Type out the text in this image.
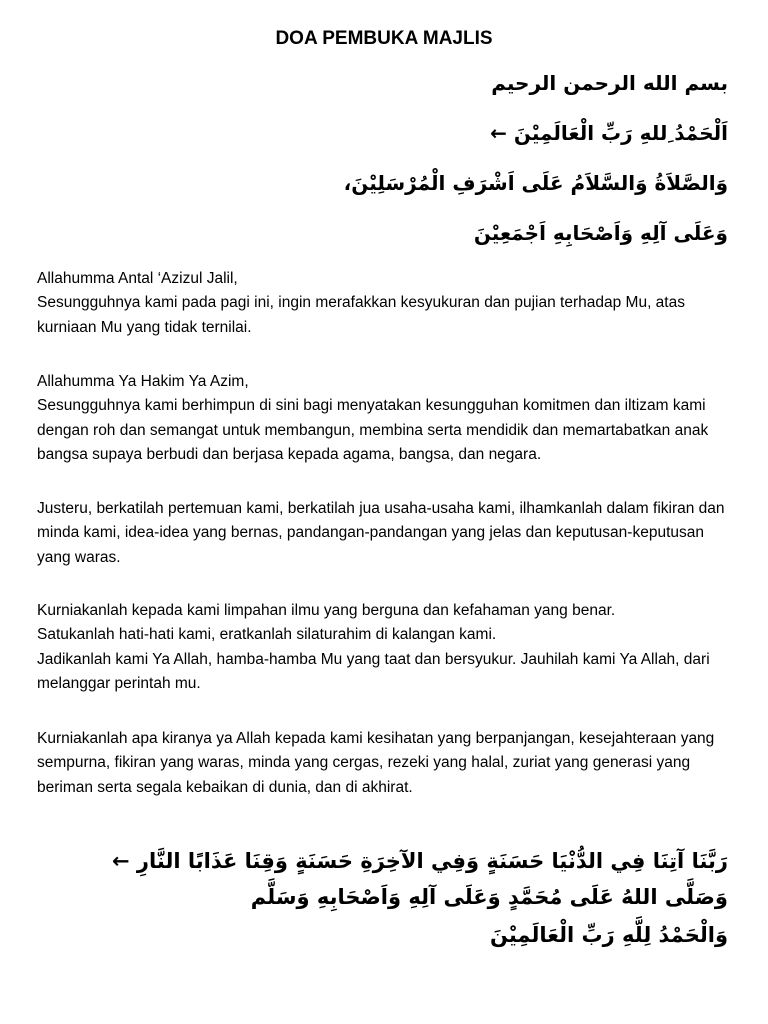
DOA PEMBUKA MAJLIS
بسم الله الرحمن الرحيم
اَلْحَمْدُ ِللهِ رَبِّ الْعَالَمِيْنَ ←
وَالصَّلاَةُ وَالسَّلاَمُ عَلَى اَشْرَفِ الْمُرْسَلِيْنَ،
وَعَلَى آلِهِ وَاَصْحَابِهِ اَجْمَعِيْنَ

Allahumma Antal ‘Azizul Jalil,
Sesungguhnya kami pada pagi ini, ingin merafakkan kesyukuran dan pujian terhadap Mu, atas kurniaan Mu yang tidak ternilai.

Allahumma Ya Hakim Ya Azim,
Sesungguhnya kami berhimpun di sini bagi menyatakan kesungguhan komitmen dan iltizam kami dengan roh dan semangat untuk membangun, membina serta mendidik dan memartabatkan anak bangsa supaya berbudi dan berjasa kepada agama, bangsa, dan negara.

Justeru, berkatilah pertemuan kami, berkatilah jua usaha-usaha kami, ilhamkanlah dalam fikiran dan minda kami, idea-idea yang bernas, pandangan-pandangan yang jelas dan keputusan-keputusan yang waras.

Kurniakanlah kepada kami limpahan ilmu yang berguna dan kefahaman yang benar.
Satukanlah hati-hati kami, eratkanlah silaturahim di kalangan kami.
Jadikanlah kami Ya Allah, hamba-hamba Mu yang taat dan bersyukur. Jauhilah kami Ya Allah, dari melanggar perintah mu.

Kurniakanlah apa kiranya ya Allah kepada kami kesihatan yang berpanjangan, kesejahteraan yang sempurna, fikiran yang waras, minda yang cergas, rezeki yang halal, zuriat yang generasi yang beriman serta segala kebaikan di dunia, dan di akhirat.

رَبَّنَا آتِنَا فِي الدُّنْيَا حَسَنَةٍ وَفِي الآخِرَةِ حَسَنَةٍ وَقِنَا عَذَابًا النَّارِ ←
وَصَلَّى اللهُ عَلَى مُحَمَّدٍ وَعَلَى آلِهِ وَاَصْحَابِهِ وَسَلَّم
وَالْحَمْدُ لِلَّهِ رَبِّ الْعَالَمِيْنَ
